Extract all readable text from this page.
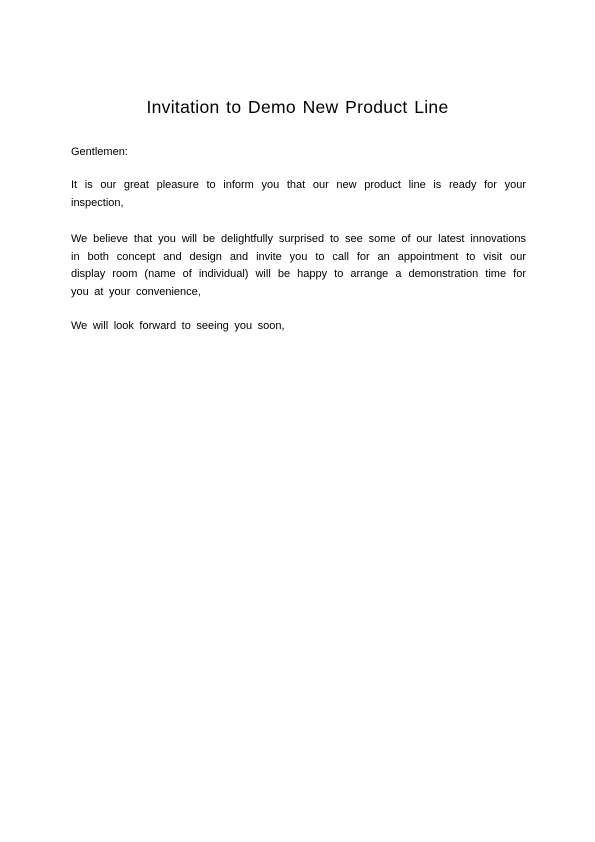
Invitation to Demo New Product Line

Gentlemen:

It is our great pleasure to inform you that our new product line is ready for your inspection,

We believe that you will be delightfully surprised to see some of our latest innovations in both concept and design and invite you to call for an appointment to visit our display room (name of individual) will be happy to arrange a demonstration time for you at your convenience,

We will look forward to seeing you soon,
